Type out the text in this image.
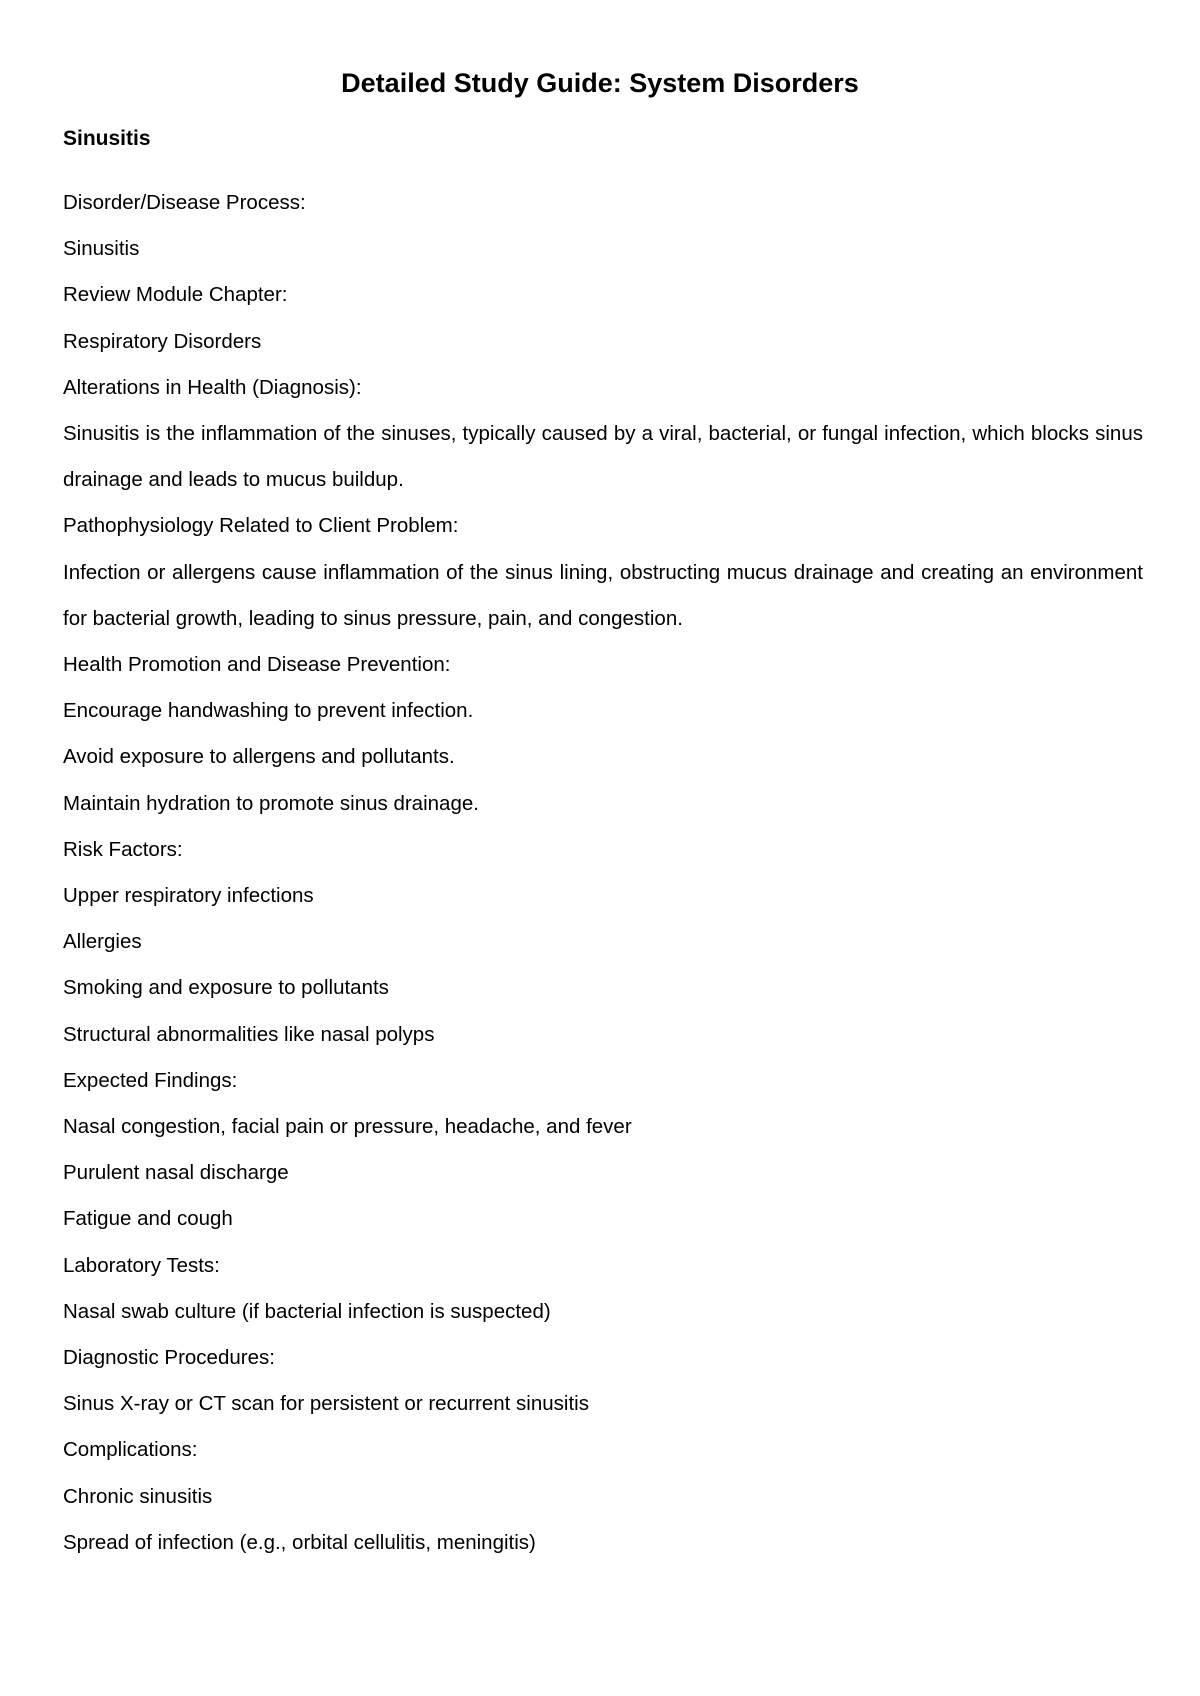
Detailed Study Guide: System Disorders
Sinusitis

Disorder/Disease Process:

Sinusitis

Review Module Chapter:

Respiratory Disorders

Alterations in Health (Diagnosis):

Sinusitis is the inflammation of the sinuses, typically caused by a viral, bacterial, or fungal infection, which blocks sinus drainage and leads to mucus buildup.

Pathophysiology Related to Client Problem:

Infection or allergens cause inflammation of the sinus lining, obstructing mucus drainage and creating an environment for bacterial growth, leading to sinus pressure, pain, and congestion.

Health Promotion and Disease Prevention:

Encourage handwashing to prevent infection.

Avoid exposure to allergens and pollutants.

Maintain hydration to promote sinus drainage.

Risk Factors:

Upper respiratory infections

Allergies

Smoking and exposure to pollutants

Structural abnormalities like nasal polyps

Expected Findings:

Nasal congestion, facial pain or pressure, headache, and fever

Purulent nasal discharge

Fatigue and cough

Laboratory Tests:

Nasal swab culture (if bacterial infection is suspected)

Diagnostic Procedures:

Sinus X-ray or CT scan for persistent or recurrent sinusitis

Complications:

Chronic sinusitis

Spread of infection (e.g., orbital cellulitis, meningitis)
